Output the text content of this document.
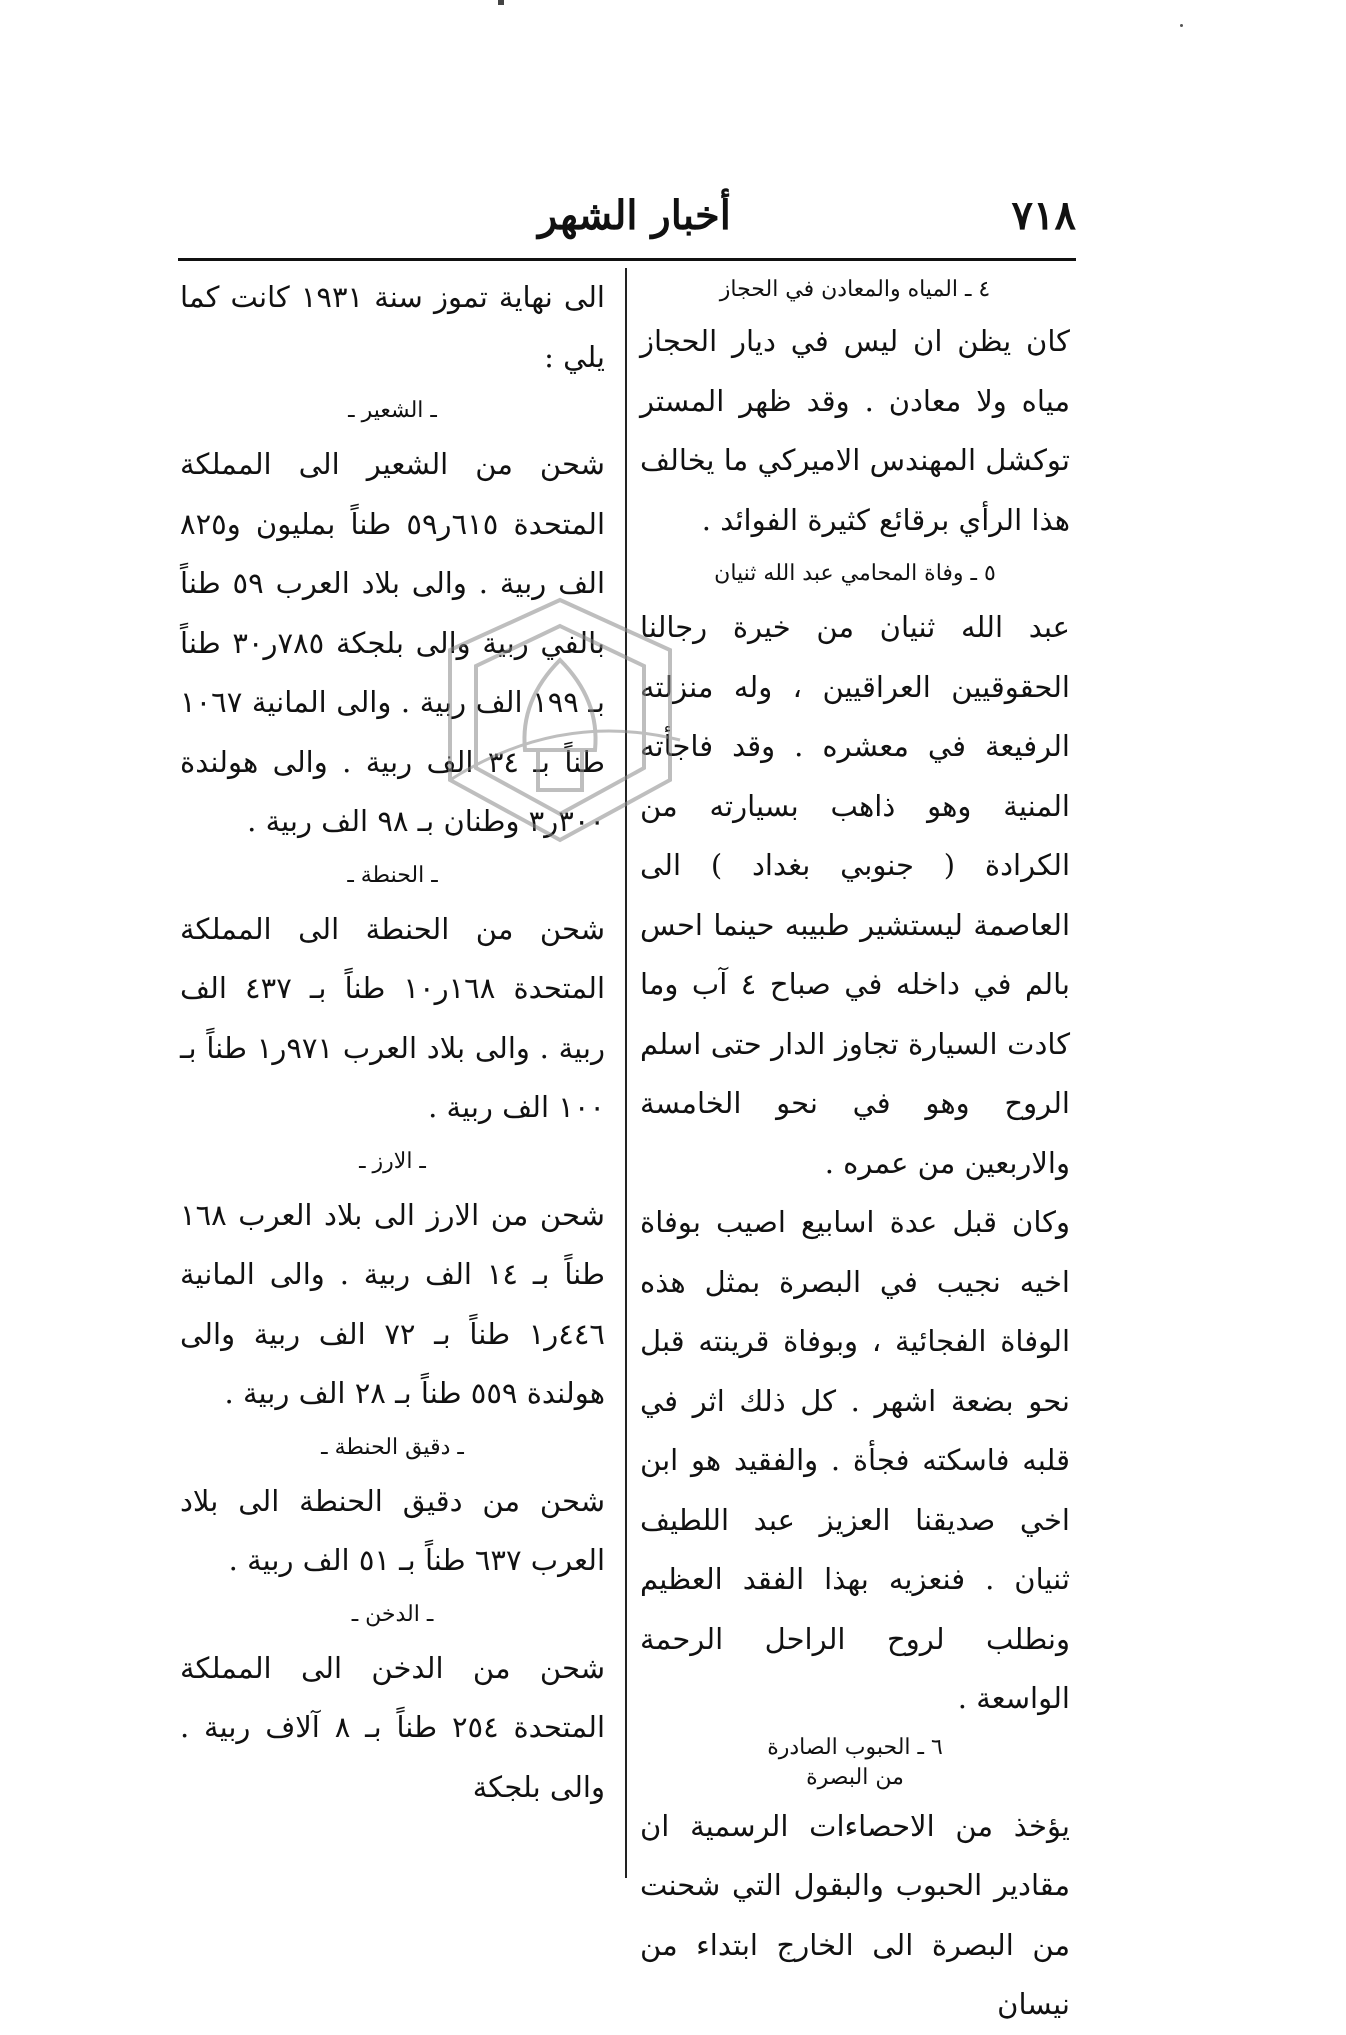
أخبار الشهر	٧١٨

٤ ـ المياه والمعادن في الحجاز

كان يظن ان ليس في ديار الحجاز مياه ولا معادن . وقد ظهر المستر توكشل المهندس الاميركي ما يخالف هذا الرأي برقائع كثيرة الفوائد .

٥ ـ وفاة المحامي عبد الله ثنيان

عبد الله ثنيان من خيرة رجالنا الحقوقيين العراقيين ، وله منزلته الرفيعة في معشره . وقد فاجأته المنية وهو ذاهب بسيارته من الكرادة ( جنوبي بغداد ) الى العاصمة ليستشير طبيبه حينما احس بالم في داخله في صباح ٤ آب وما كادت السيارة تجاوز الدار حتى اسلم الروح وهو في نحو الخامسة والاربعين من عمره .

وكان قبل عدة اسابيع اصيب بوفاة اخيه نجيب في البصرة بمثل هذه الوفاة الفجائية ، وبوفاة قرينته قبل نحو بضعة اشهر . كل ذلك اثر في قلبه فاسكته فجأة . والفقيد هو ابن اخي صديقنا العزيز عبد اللطيف ثنيان . فنعزيه بهذا الفقد العظيم ونطلب لروح الراحل الرحمة الواسعة .

٦ ـ الحبوب الصادرة

من البصرة

يؤخذ من الاحصاءات الرسمية ان مقادير الحبوب والبقول التي شحنت من البصرة الى الخارج ابتداء من نيسان

الى نهاية تموز سنة ١٩٣١ كانت كما يلي :

ـ الشعير ـ

شحن من الشعير الى المملكة المتحدة ٦١٥ر٥٩ طناً بمليون و٨٢٥ الف ربية . والى بلاد العرب ٥٩ طناً بالفي ربية والى بلجكة ٧٨٥ر٣٠ طناً بـ ١٩٩ الف ربية . والى المانية ١٠٦٧ طناً بـ ٣٤ الف ربية . والى هولندة ٣٠٠ر٣ وطنان بـ ٩٨ الف ربية .

ـ الحنطة ـ

شحن من الحنطة الى المملكة المتحدة ١٦٨ر١٠ طناً بـ ٤٣٧ الف ربية . والى بلاد العرب ٩٧١ر١ طناً بـ ١٠٠ الف ربية .

ـ الارز ـ

شحن من الارز الى بلاد العرب ١٦٨ طناً بـ ١٤ الف ربية . والى المانية ٤٤٦ر١ طناً بـ ٧٢ الف ربية والى هولندة ٥٥٩ طناً بـ ٢٨ الف ربية .

ـ دقيق الحنطة ـ

شحن من دقيق الحنطة الى بلاد العرب ٦٣٧ طناً بـ ٥١ الف ربية .

ـ الدخن ـ

شحن من الدخن الى المملكة المتحدة ٢٥٤ طناً بـ ٨ آلاف ربية . والى بلجكة
